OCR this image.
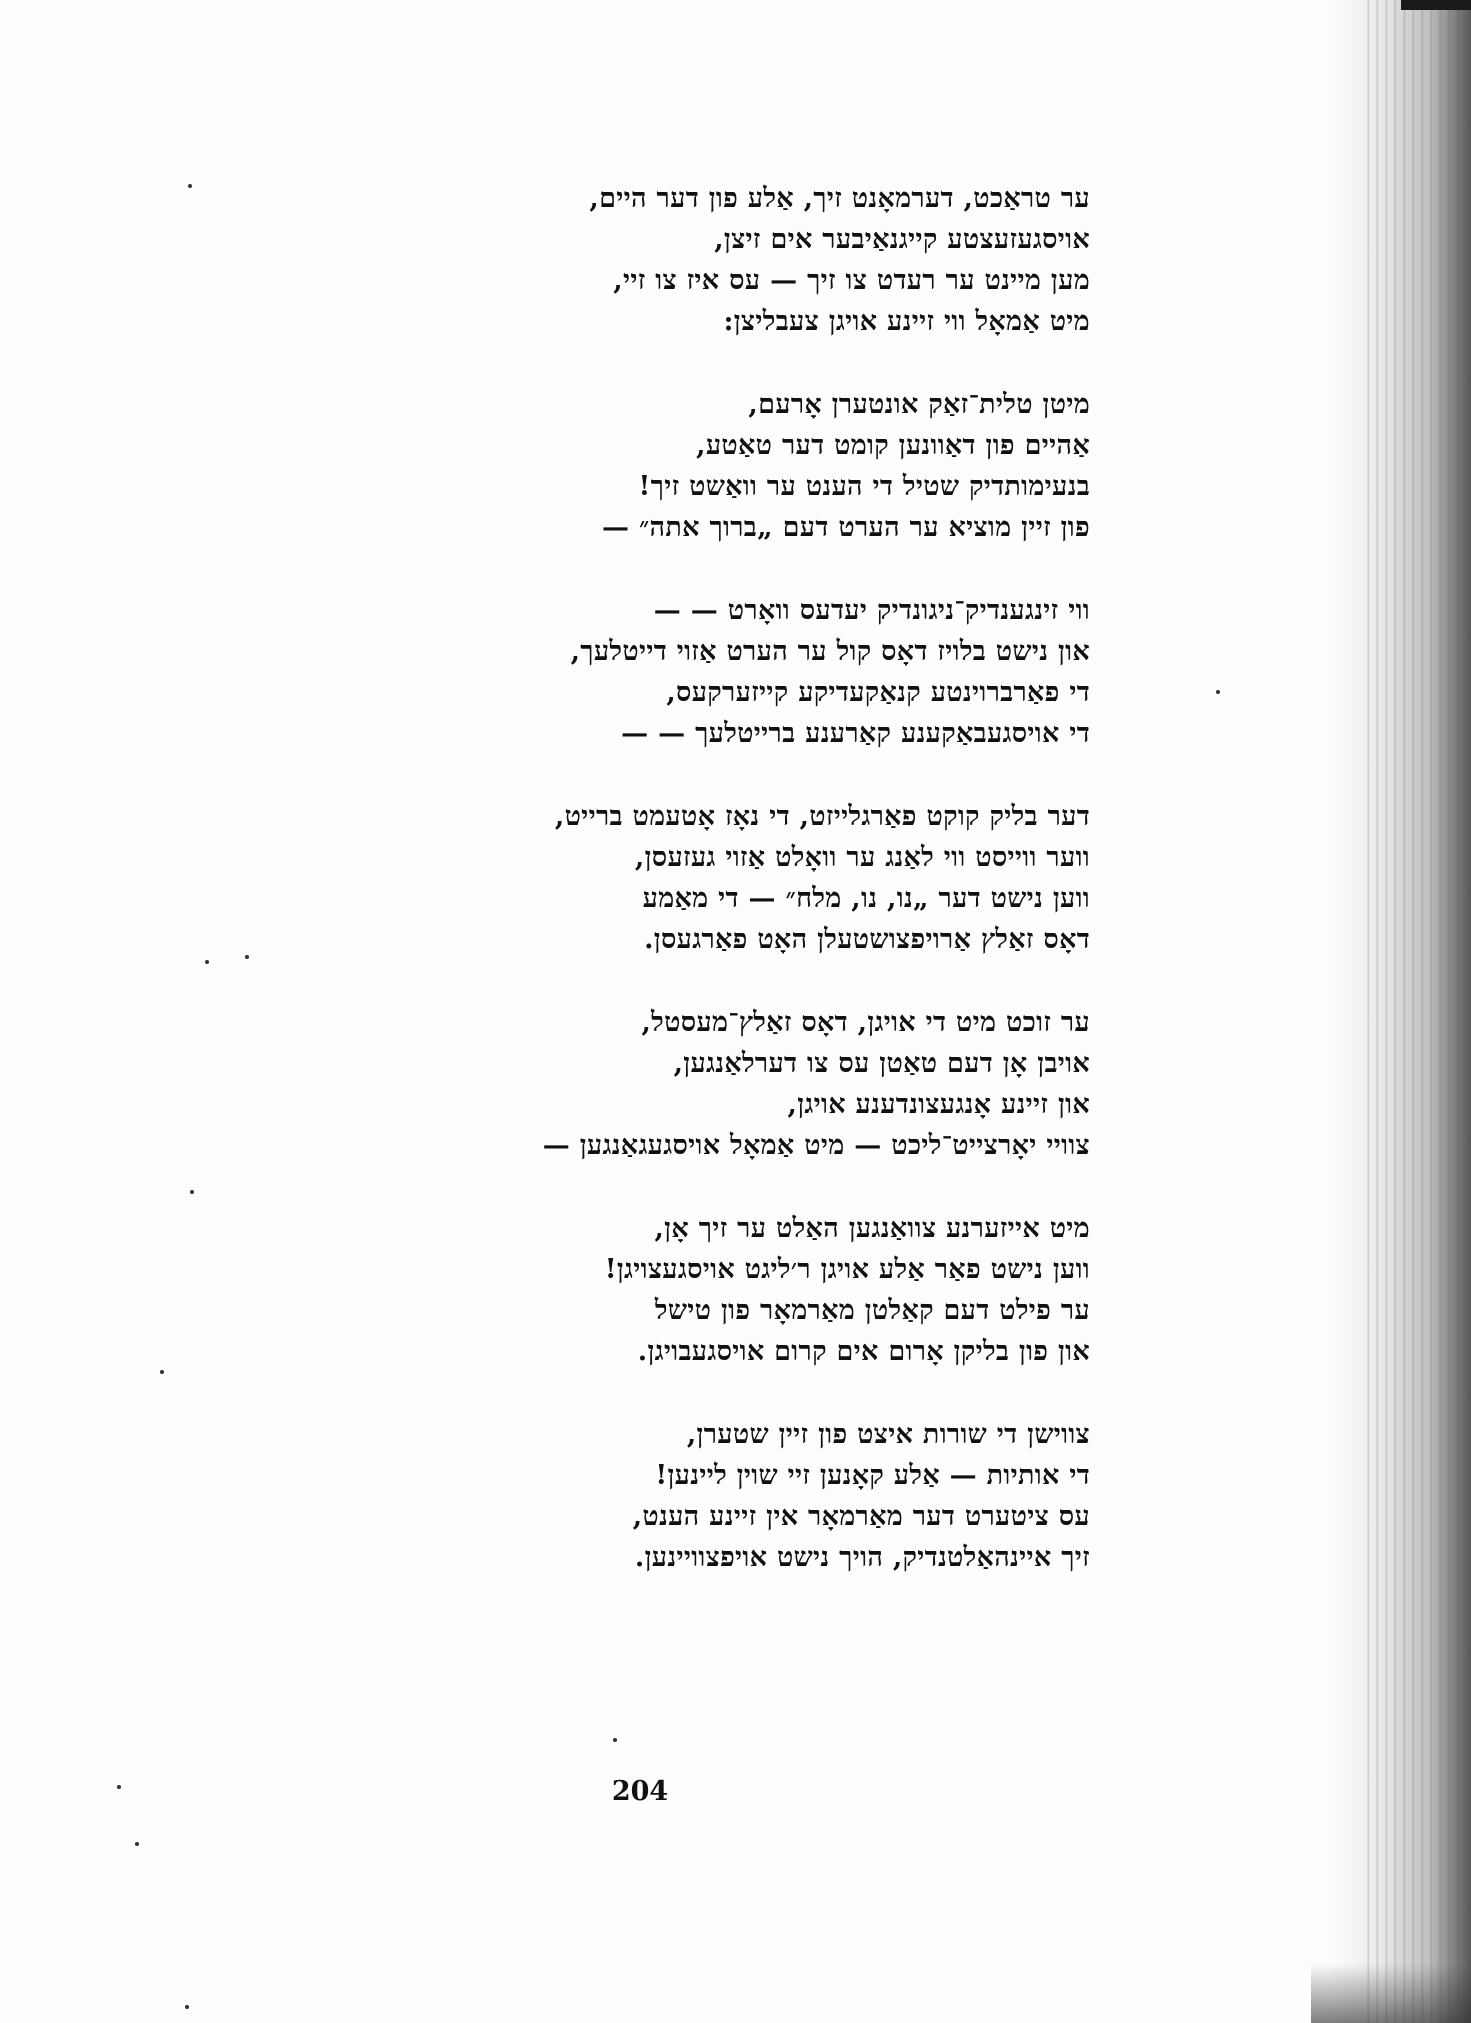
ער טראַכט, דערמאָנט זיך, אַלע פון דער היים,
אויסגעזעצטע קייגנאַיבער אים זיצן,
מען מיינט ער רעדט צו זיך — עס איז צו זיי,
מיט אַמאָל ווי זיינע אויגן צעבליצן:
מיטן טלית־זאַק אונטערן אָרעם,
אַהיים פון דאַוונען קומט דער טאַטע,
בנעימותדיק שטיל די הענט ער וואַשט זיך!
פון זיין מוציא ער הערט דעם „ברוך אתה״ —
ווי זינגענדיק־ניגונדיק יעדעס וואָרט — —
און נישט בלויז דאָס קול ער הערט אַזוי דייטלעך,
די פאַרברוינטע קנאַקעדיקע קייזערקעס,
די אויסגעבאַקענע קאַרענע ברייטלעך — —
דער בליק קוקט פאַרגלייזט, די נאָז אָטעמט ברייט,
ווער ווייסט ווי לאַנג ער וואָלט אַזוי געזעסן,
ווען נישט דער „נו, נו, מלח״ — די מאַמע
דאָס זאַלץ אַרויפצושטעלן האָט פאַרגעסן.
ער זוכט מיט די אויגן, דאָס זאַלץ־מעסטל,
אויבן אָן דעם טאַטן עס צו דערלאַנגען,
און זיינע אָנגעצונדענע אויגן,
צוויי יאָרצייט־ליכט — מיט אַמאָל אויסגעגאַנגען —
מיט אייזערנע צוואַנגען האַלט ער זיך אָן,
ווען נישט פאַר אַלע אויגן ר׳ליגט אויסגעצויגן!
ער פילט דעם קאַלטן מאַרמאָר פון טישל
און פון בליקן אָרום אים קרום אויסגעבויגן.
צווישן די שורות איצט פון זיין שטערן,
די אותיות — אַלע קאָנען זיי שוין ליינען!
עס ציטערט דער מאַרמאָר אין זיינע הענט,
זיך איינהאַלטנדיק, הויך נישט אויפצוויינען.
204
